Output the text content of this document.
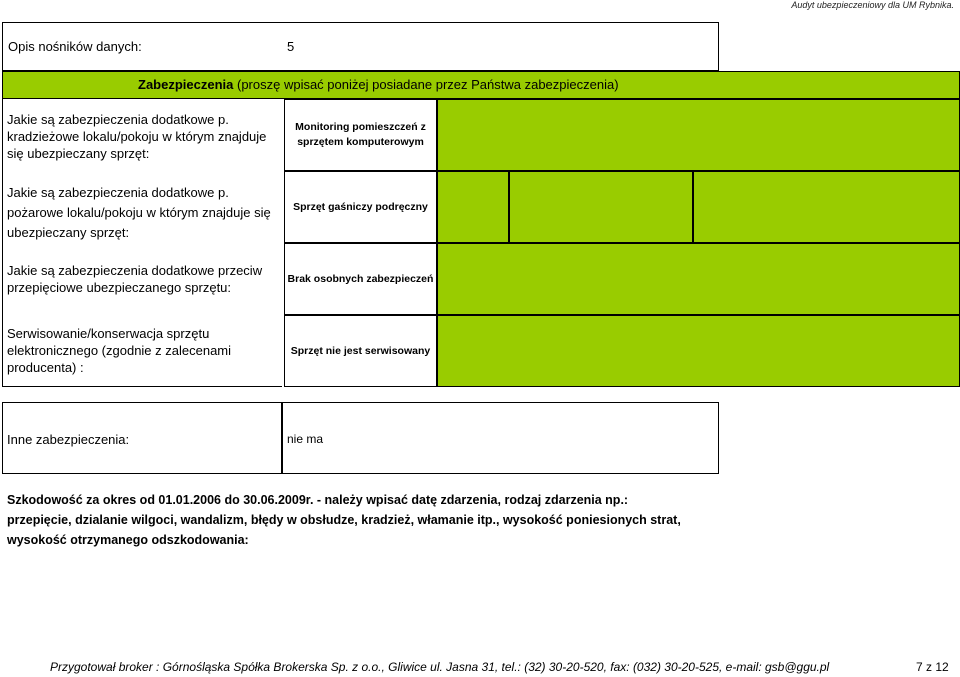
Audyt ubezpieczeniowy dla UM Rybnika.
Opis nośników danych:	5
Zabezpieczenia (proszę wpisać poniżej posiadane przez Państwa zabezpieczenia)
Jakie są zabezpieczenia dodatkowe p. kradzieżowe lokalu/pokoju w którym znajduje się ubezpieczany sprzęt:
Monitoring pomieszczeń z sprzętem komputerowym
Jakie są zabezpieczenia dodatkowe p. pożarowe lokalu/pokoju w którym znajduje się ubezpieczany sprzęt:
Sprzęt gaśniczy podręczny
Jakie są zabezpieczenia dodatkowe przeciw przepięciowe ubezpieczanego sprzętu:
Brak osobnych zabezpieczeń
Serwisowanie/konserwacja sprzętu elektronicznego (zgodnie z zalecenami producenta) :
Sprzęt nie jest serwisowany
Inne zabezpieczenia:	nie ma
Szkodowość za okres od 01.01.2006 do 30.06.2009r. - należy wpisać datę zdarzenia, rodzaj zdarzenia np.: przepięcie, dzialanie wilgoci, wandalizm, błędy w obsłudze, kradzież, włamanie itp., wysokość poniesionych strat, wysokość otrzymanego odszkodowania:
Przygotował broker : Górnośląska Spółka Brokerska Sp. z o.o., Gliwice ul. Jasna 31, tel.: (32) 30-20-520, fax: (032) 30-20-525, e-mail: gsb@ggu.pl	7 z 12
